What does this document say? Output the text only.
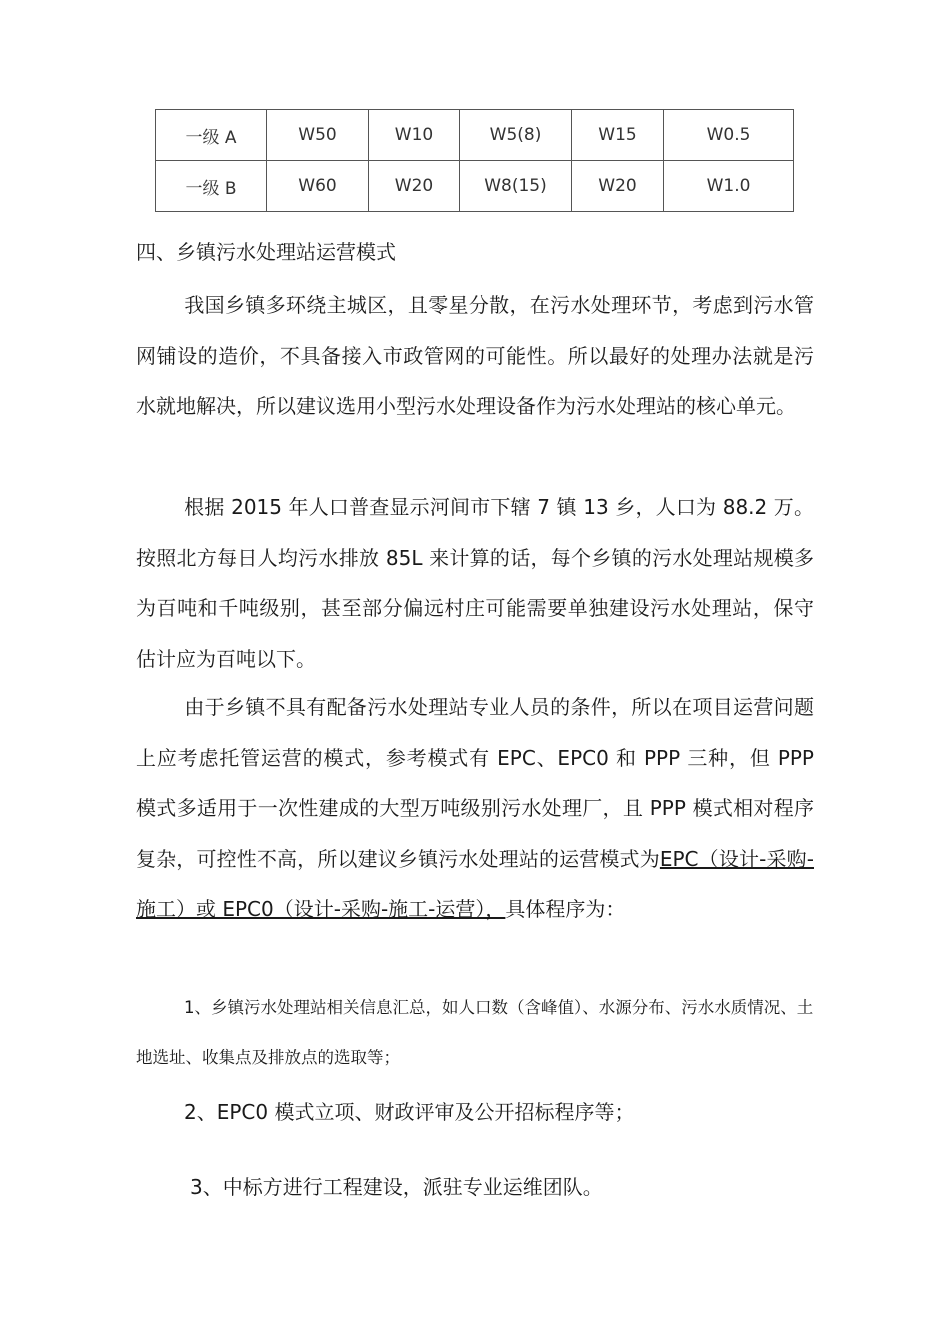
一级 A	W50	W10	W5(8)	W15	W0.5
一级 B	W60	W20	W8(15)	W20	W1.0
四、乡镇污水处理站运营模式

我国乡镇多环绕主城区，且零星分散，在污水处理环节，考虑到污水管网铺设的造价，不具备接入市政管网的可能性。所以最好的处理办法就是污水就地解决，所以建议选用小型污水处理设备作为污水处理站的核心单元。

根据 2015 年人口普查显示河间市下辖 7 镇 13 乡，人口为 88.2 万。按照北方每日人均污水排放 85L 来计算的话，每个乡镇的污水处理站规模多为百吨和千吨级别，甚至部分偏远村庄可能需要单独建设污水处理站，保守估计应为百吨以下。

由于乡镇不具有配备污水处理站专业人员的条件，所以在项目运营问题上应考虑托管运营的模式，参考模式有 EPC、EPC0 和 PPP 三种，但 PPP 模式多适用于一次性建成的大型万吨级别污水处理厂，且 PPP 模式相对程序复杂，可控性不高，所以建议乡镇污水处理站的运营模式为EPC（设计-采购-施工）或 EPC0（设计-采购-施工-运营），具体程序为：

1、乡镇污水处理站相关信息汇总，如人口数（含峰值）、水源分布、污水水质情况、土地选址、收集点及排放点的选取等；

2、EPC0 模式立项、财政评审及公开招标程序等；
3、中标方进行工程建设，派驻专业运维团队。
